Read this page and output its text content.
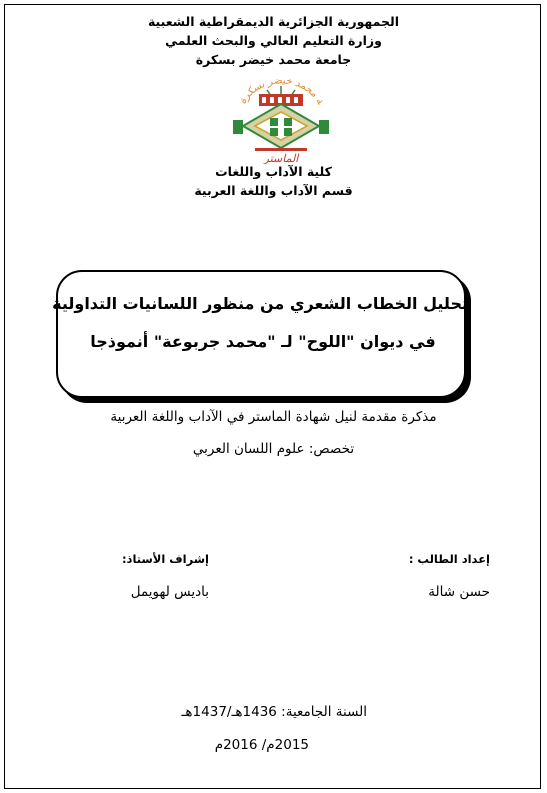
الجمهورية الجزائرية الديمقراطية الشعبية
وزارة التعليم العالي والبحث العلمي
جامعة محمد خيضر بسكرة
ة محمد خيضر بسكرة
الماستر
كلية الآداب واللغات
قسم الآداب واللغة العربية
تحليل الخطاب الشعري من منظور اللسانيات التداولية
في ديوان "اللوح" لـ "محمد جربوعة" أنموذجا
مذكرة مقدمة لنيل شهادة الماستر في الآداب واللغة العربية
تخصص: علوم اللسان العربي
إعداد الطالب :
إشراف الأستاذ:
حسن شالة
باديس لهويمل
السنة الجامعية: 1436هـ/1437هـ
2015م/ 2016م
